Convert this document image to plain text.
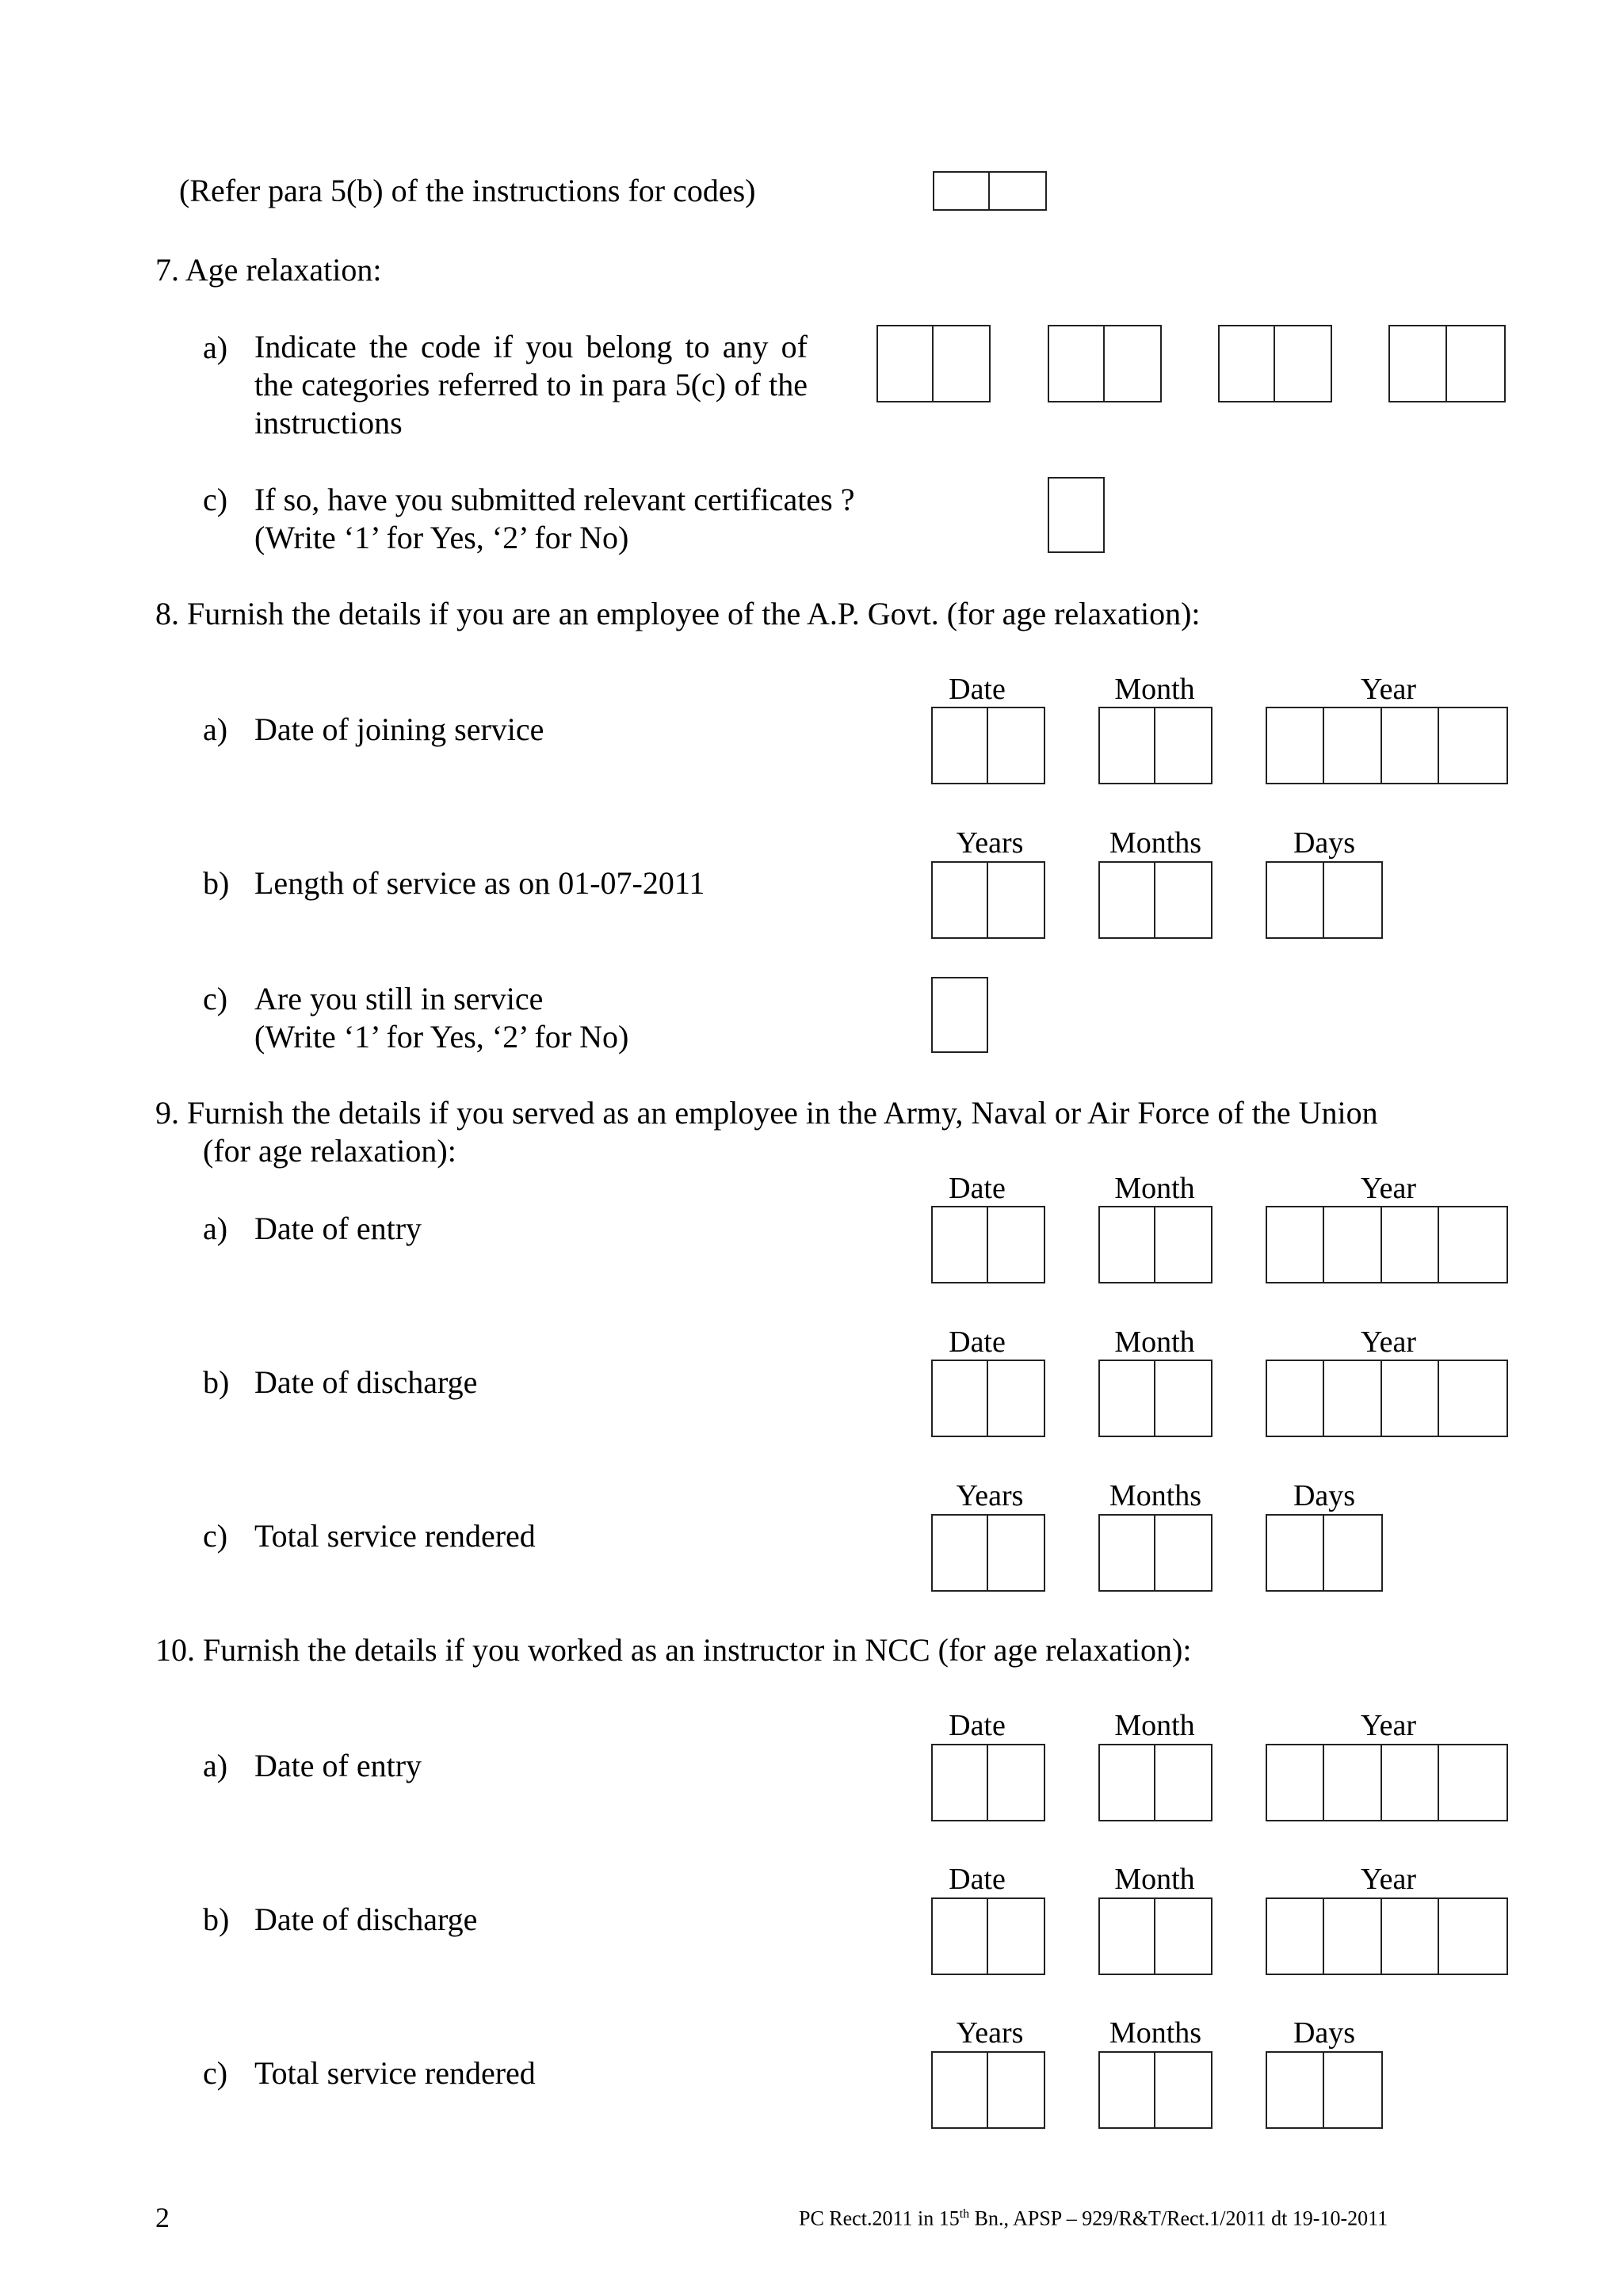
(Refer para 5(b) of the instructions for codes)
7. Age relaxation:
a) Indicate the code if you belong to any of the categories referred to in para 5(c) of the instructions
c) If so, have you submitted relevant certificates ?
(Write ‘1’ for Yes, ‘2’ for No)
8. Furnish the details if you are an employee of the A.P. Govt. (for age relaxation):
Date	Month	Year
a) Date of joining service
Years	Months	Days
b) Length of service as on 01-07-2011
c) Are you still in service
(Write ‘1’ for Yes, ‘2’ for No)
9. Furnish the details if you served as an employee in the Army, Naval or Air Force of the Union
(for age relaxation):
Date	Month	Year
a) Date of entry
Date	Month	Year
b) Date of discharge
Years	Months	Days
c) Total service rendered
10. Furnish the details if you worked as an instructor in NCC (for age relaxation):
Date	Month	Year
a) Date of entry
Date	Month	Year
b) Date of discharge
Years	Months	Days
c) Total service rendered
2	PC Rect.2011 in 15th Bn., APSP – 929/R&T/Rect.1/2011 dt 19-10-2011
